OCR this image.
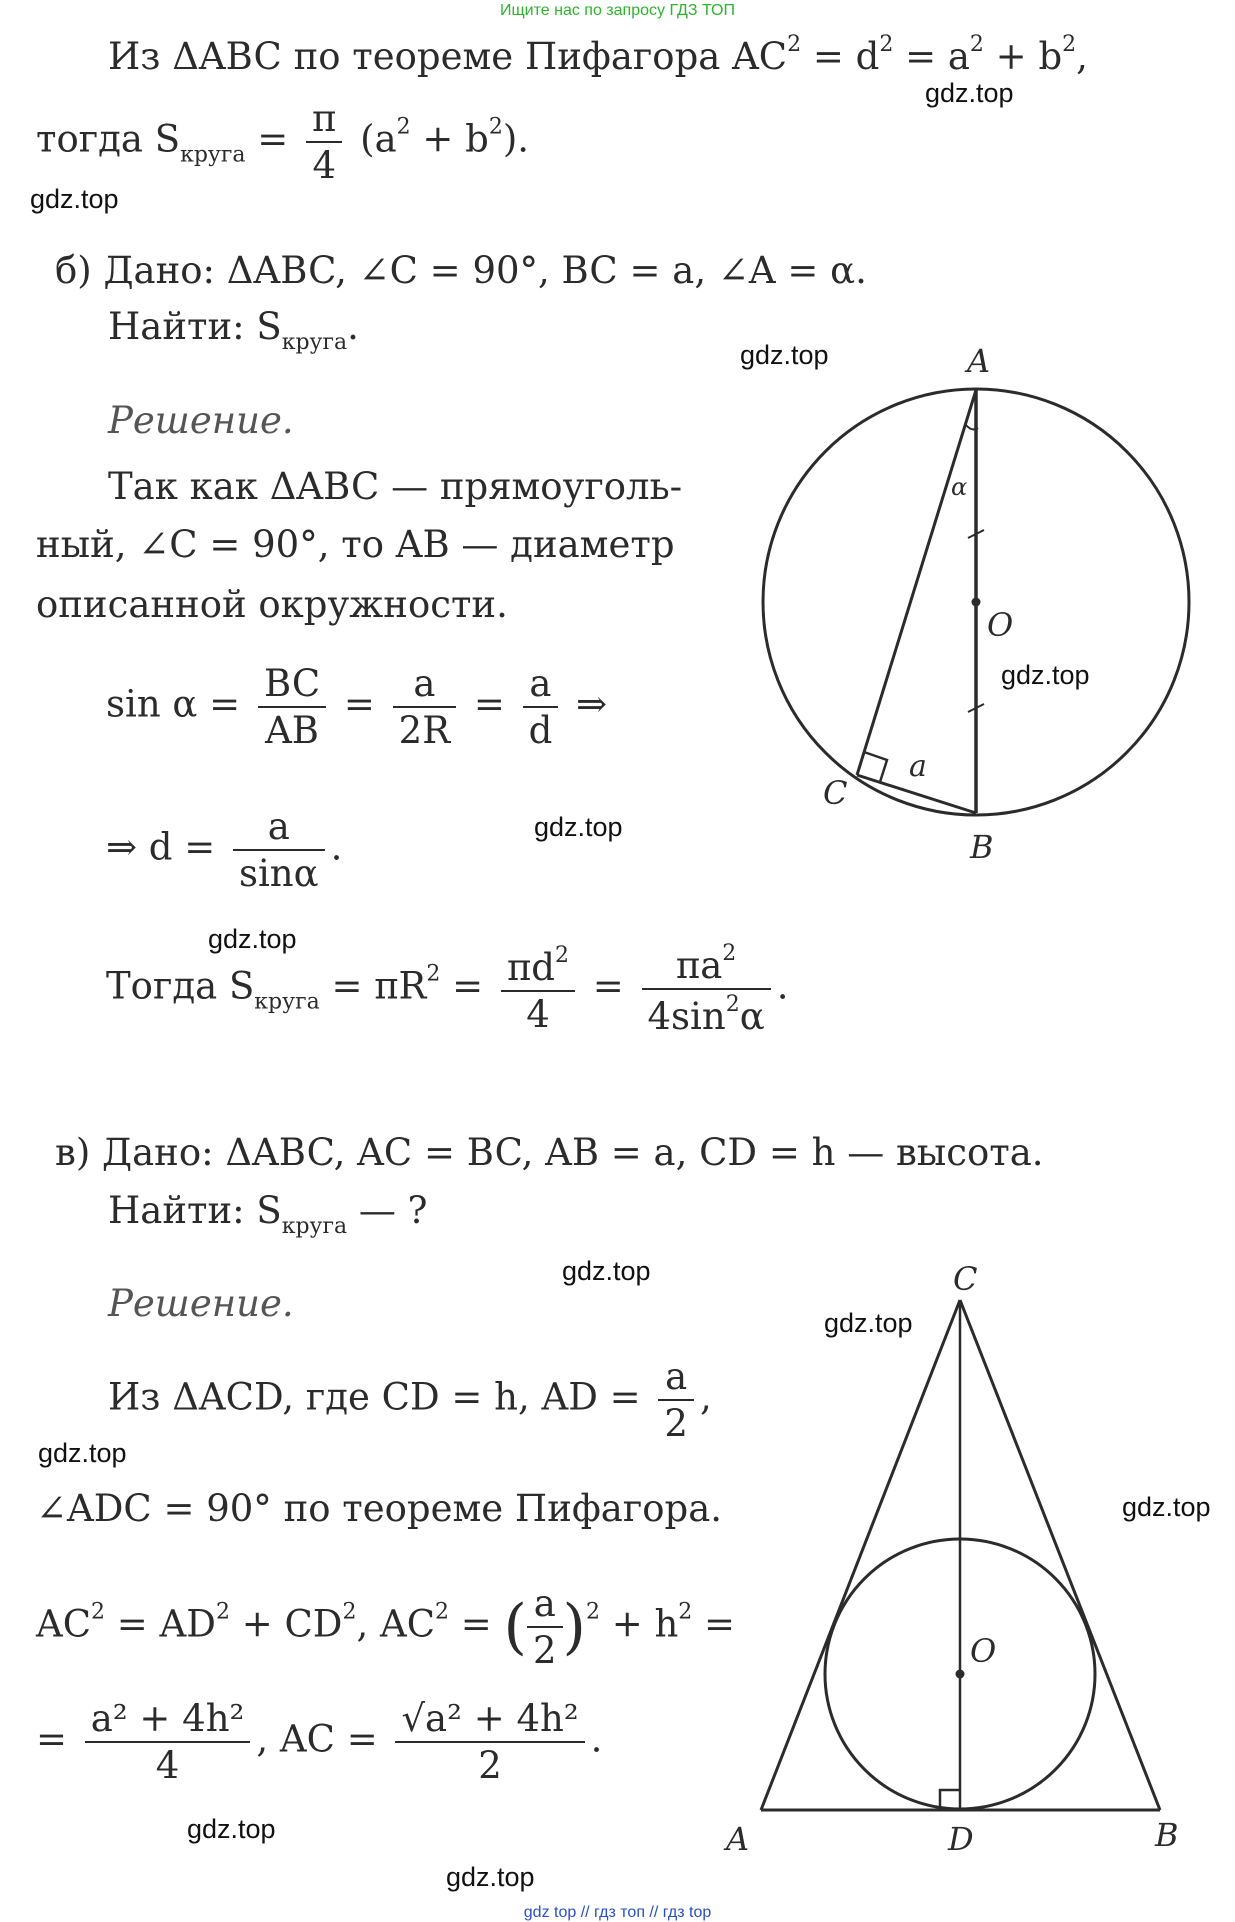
Ищите нас по запросу ГДЗ ТОП
Из ΔABC по теореме Пифагора $AC^2 = d^2 = a^2 + b^2$,
тогда $S_{круга} = \frac{\pi}{4} (a^2 + b^2)$.
б) Дано: ΔABC, ∠C = 90°, BC = a, ∠A = α.
Найти: $S_{круга}$.
Решение.
Так как ΔABC — прямоуголь-
ный, ∠C = 90°, то AB — диаметр
описанной окружности.
$\sin \alpha = \frac{BC}{AB} = \frac{a}{2R} = \frac{a}{d}$ ⇒
⇒ $d = \frac{a}{\sin\alpha}$ .
Тогда $S_{круга} = \pi R^2 = \frac{\pi d^2}{4} = \frac{\pi a^2}{4\sin^2\alpha}$ .
в) Дано: ΔABC, AC = BC, AB = a, CD = h — высота.
Найти: $S_{круга}$ — ?
Решение.
Из ΔACD, где CD = h, AD = $\frac{a}{2}$ ,
∠ADC = 90° по теореме Пифагора.
$AC^2 = AD^2 + CD^2$, $AC^2$ = ( $\frac{a}{2} )^2 + h^2$ =
= $\frac{\text{a² + 4h²}}{4}$ , AC = $\frac{\text{√a² + 4h²}}{2}$ .
A
B
C
O
a
α
C
A	B
D
O
gdz.top
gdz.top
gdz.top
gdz.top
gdz.top
gdz.top
gdz.top
gdz.top
gdz.top
gdz.top
gdz.top
gdz.top
gdz top // гдз топ // гдз top
